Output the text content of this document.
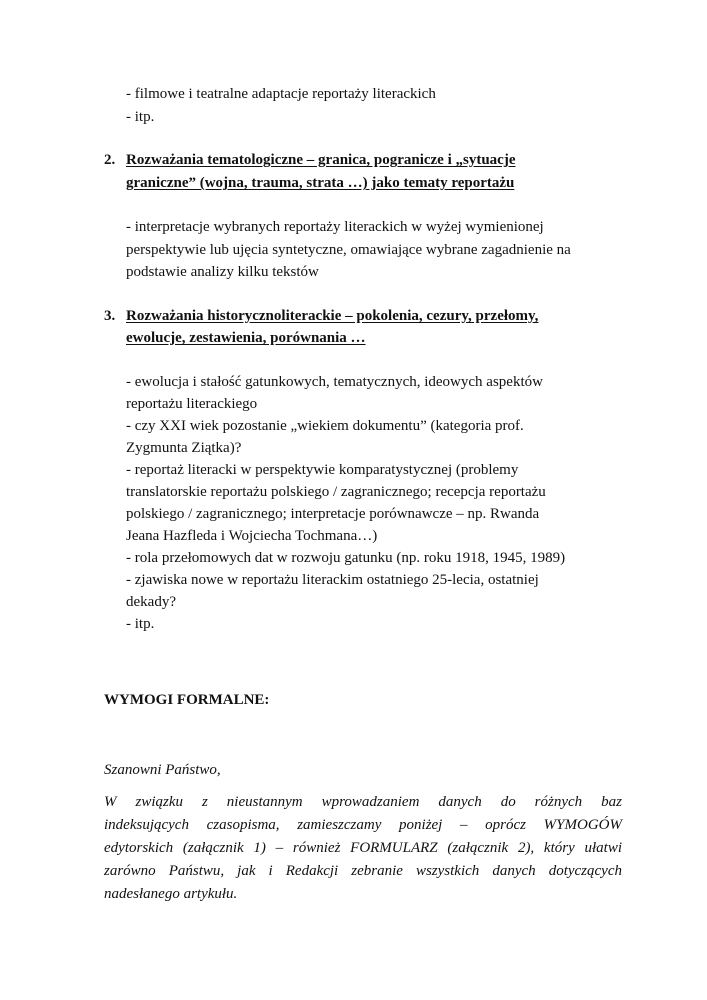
- filmowe i teatralne adaptacje reportaży literackich
- itp.
2. Rozważania tematologiczne – granica, pogranicze i „sytuacje
graniczne” (wojna, trauma, strata …) jako tematy reportażu
- interpretacje wybranych reportaży literackich w wyżej wymienionej
perspektywie lub ujęcia syntetyczne, omawiające wybrane zagadnienie na
podstawie analizy kilku tekstów
3. Rozważania historycznoliterackie – pokolenia, cezury, przełomy,
ewolucje, zestawienia, porównania …
- ewolucja i stałość gatunkowych, tematycznych, ideowych aspektów
reportażu literackiego
- czy XXI wiek pozostanie „wiekiem dokumentu” (kategoria prof.
Zygmunta Ziątka)?
- reportaż literacki w perspektywie komparatystycznej (problemy
translatorskie reportażu polskiego / zagranicznego; recepcja reportażu
polskiego / zagranicznego; interpretacje porównawcze – np. Rwanda
Jeana Hazfleda i Wojciecha Tochmana…)
- rola przełomowych dat w rozwoju gatunku (np. roku 1918, 1945, 1989)
- zjawiska nowe w reportażu literackim ostatniego 25-lecia, ostatniej
dekady?
- itp.
WYMOGI FORMALNE:
Szanowni Państwo,
W związku z nieustannym wprowadzaniem danych do różnych baz
indeksujących czasopisma, zamieszczamy poniżej – oprócz WYMOGÓW
edytorskich (załącznik 1) – również FORMULARZ (załącznik 2), który ułatwi
zarówno Państwu, jak i Redakcji zebranie wszystkich danych dotyczących
nadesłanego artykułu.
